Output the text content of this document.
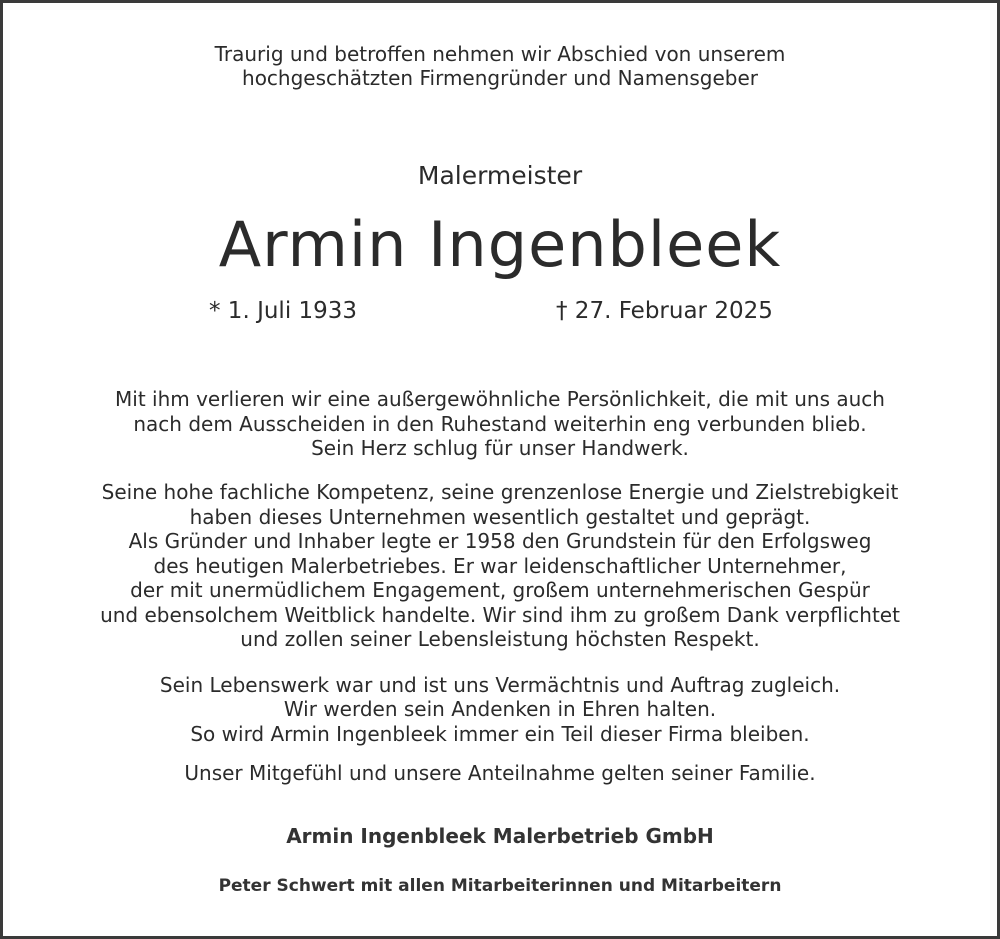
Traurig und betroffen nehmen wir Abschied von unserem
hochgeschätzten Firmengründer und Namensgeber
Malermeister
Armin Ingenbleek
* 1. Juli 1933	† 27. Februar 2025
Mit ihm verlieren wir eine außergewöhnliche Persönlichkeit, die mit uns auch
nach dem Ausscheiden in den Ruhestand weiterhin eng verbunden blieb.
Sein Herz schlug für unser Handwerk.
Seine hohe fachliche Kompetenz, seine grenzenlose Energie und Zielstrebigkeit
haben dieses Unternehmen wesentlich gestaltet und geprägt.
Als Gründer und Inhaber legte er 1958 den Grundstein für den Erfolgsweg
des heutigen Malerbetriebes. Er war leidenschaftlicher Unternehmer,
der mit unermüdlichem Engagement, großem unternehmerischen Gespür
und ebensolchem Weitblick handelte. Wir sind ihm zu großem Dank verpflichtet
und zollen seiner Lebensleistung höchsten Respekt.
Sein Lebenswerk war und ist uns Vermächtnis und Auftrag zugleich.
Wir werden sein Andenken in Ehren halten.
So wird Armin Ingenbleek immer ein Teil dieser Firma bleiben.
Unser Mitgefühl und unsere Anteilnahme gelten seiner Familie.
Armin Ingenbleek Malerbetrieb GmbH
Peter Schwert mit allen Mitarbeiterinnen und Mitarbeitern
